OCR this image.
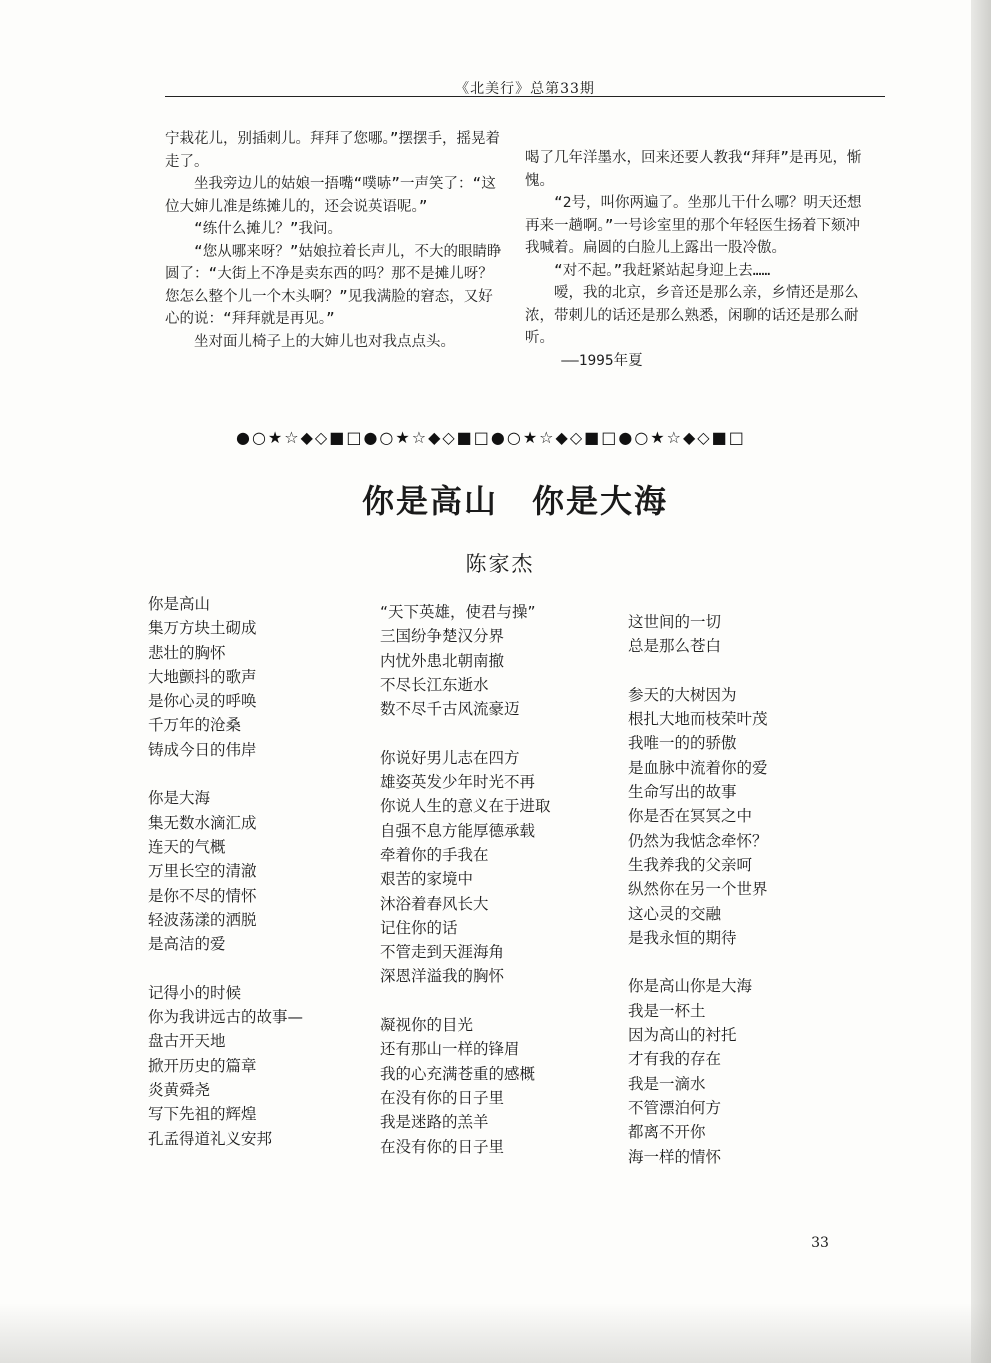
《北美行》总第33期

宁栽花儿，别插刺儿。拜拜了您哪。”摆摆手，摇晃着走了。

坐我旁边儿的姑娘一捂嘴“噗哧”一声笑了：“这位大婶儿准是练摊儿的，还会说英语呢。”

“练什么摊儿？”我问。

“您从哪来呀？”姑娘拉着长声儿，不大的眼睛睁圆了：“大街上不净是卖东西的吗？那不是摊儿呀？您怎么整个儿一个木头啊？”见我满脸的窘态，又好心的说：“拜拜就是再见。”

坐对面儿椅子上的大婶儿也对我点点头。

喝了几年洋墨水，回来还要人教我“拜拜”是再见，惭愧。

“2号，叫你两遍了。坐那儿干什么哪？明天还想再来一趟啊。”一号诊室里的那个年轻医生扬着下颏冲我喊着。扁圆的白脸儿上露出一股冷傲。

“对不起。”我赶紧站起身迎上去……

嗳，我的北京，乡音还是那么亲，乡情还是那么浓，带刺儿的话还是那么熟悉，闲聊的话还是那么耐听。

——1995年夏

●○★☆◆◇■□●○★☆◆◇■□●○★☆◆◇■□●○★☆◆◇■□
你是高山　你是大海
陈家杰
你是高山
集万方块土砌成
悲壮的胸怀
大地颤抖的歌声
是你心灵的呼唤
千万年的沧桑
铸成今日的伟岸
你是大海
集无数水滴汇成
连天的气概
万里长空的清澈
是你不尽的情怀
轻波荡漾的洒脱
是高洁的爱
记得小的时候
你为我讲远古的故事—
盘古开天地
掀开历史的篇章
炎黄舜尧
写下先祖的辉煌
孔孟得道礼义安邦
“天下英雄，使君与操”
三国纷争楚汉分界
内忧外患北朝南撤
不尽长江东逝水
数不尽千古风流豪迈
你说好男儿志在四方
雄姿英发少年时光不再
你说人生的意义在于进取
自强不息方能厚德承载
牵着你的手我在
艰苦的家境中
沐浴着春风长大
记住你的话
不管走到天涯海角
深恩洋溢我的胸怀
凝视你的目光
还有那山一样的锋眉
我的心充满苍重的感概
在没有你的日子里
我是迷路的羔羊
在没有你的日子里
这世间的一切
总是那么苍白
参天的大树因为
根扎大地而枝荣叶茂
我唯一的的骄傲
是血脉中流着你的爱
生命写出的故事
你是否在冥冥之中
仍然为我惦念牵怀？
生我养我的父亲呵
纵然你在另一个世界
这心灵的交融
是我永恒的期待
你是高山你是大海
我是一杯土
因为高山的衬托
才有我的存在
我是一滴水
不管漂泊何方
都离不开你
海一样的情怀
33
